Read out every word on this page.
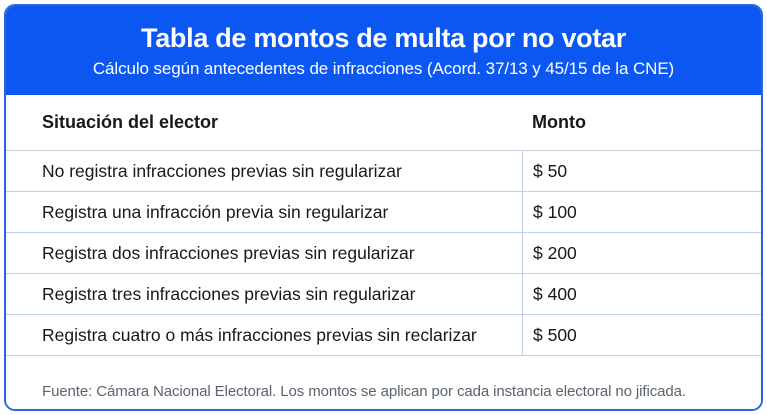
Tabla de montos de multa por no votar
Cálculo según antecedentes de infracciones (Acord. 37/13 y 45/15 de la CNE)
Situación del elector	Monto
No registra infracciones previas sin regularizar	$ 50
Registra una infracción previa sin regularizar	$ 100
Registra dos infracciones previas sin regularizar	$ 200
Registra tres infracciones previas sin regularizar	$ 400
Registra cuatro o más infracciones previas sin reclarizar	$ 500
Fuente: Cámara Nacional Electoral. Los montos se aplican por cada instancia electoral no jificada.
